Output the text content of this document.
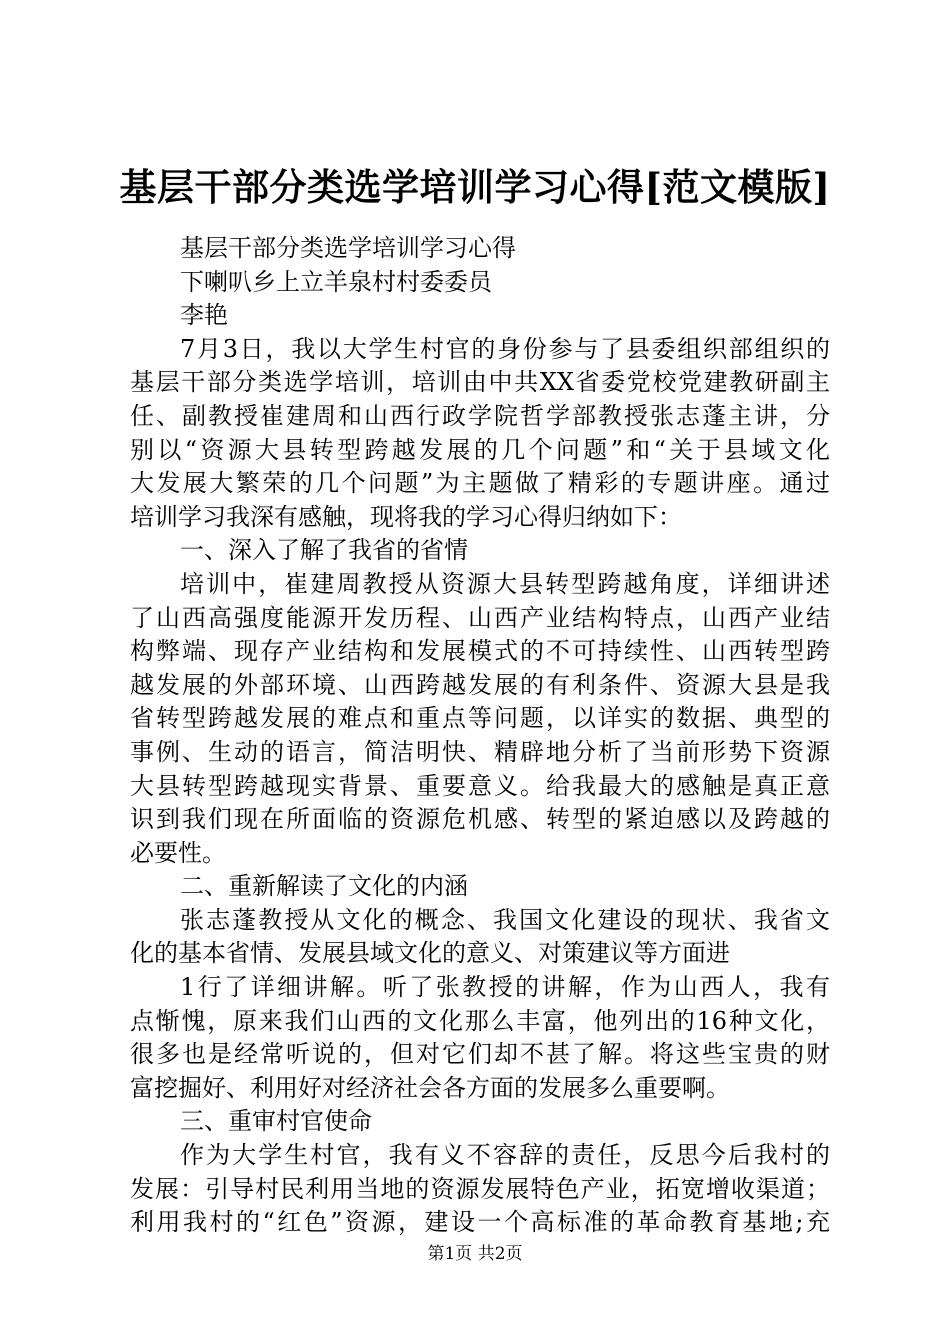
基层干部分类选学培训学习心得[范文模版]
基层干部分类选学培训学习心得
下喇叭乡上立羊泉村村委委员
李艳
7月3日，我以大学生村官的身份参与了县委组织部组织的
基层干部分类选学培训，培训由中共XX省委党校党建教研副主
任、副教授崔建周和山西行政学院哲学部教授张志蓬主讲，分
别以“资源大县转型跨越发展的几个问题”和“关于县域文化
大发展大繁荣的几个问题”为主题做了精彩的专题讲座。通过
培训学习我深有感触，现将我的学习心得归纳如下：
一、深入了解了我省的省情
培训中，崔建周教授从资源大县转型跨越角度，详细讲述
了山西高强度能源开发历程、山西产业结构特点，山西产业结
构弊端、现存产业结构和发展模式的不可持续性、山西转型跨
越发展的外部环境、山西跨越发展的有利条件、资源大县是我
省转型跨越发展的难点和重点等问题，以详实的数据、典型的
事例、生动的语言，简洁明快、精辟地分析了当前形势下资源
大县转型跨越现实背景、重要意义。给我最大的感触是真正意
识到我们现在所面临的资源危机感、转型的紧迫感以及跨越的
必要性。
二、重新解读了文化的内涵
张志蓬教授从文化的概念、我国文化建设的现状、我省文
化的基本省情、发展县域文化的意义、对策建议等方面进
1行了详细讲解。听了张教授的讲解，作为山西人，我有
点惭愧，原来我们山西的文化那么丰富，他列出的16种文化，
很多也是经常听说的，但对它们却不甚了解。将这些宝贵的财
富挖掘好、利用好对经济社会各方面的发展多么重要啊。
三、重审村官使命
作为大学生村官，我有义不容辞的责任，反思今后我村的
发展：引导村民利用当地的资源发展特色产业，拓宽增收渠道；
利用我村的“红色”资源，建设一个高标准的革命教育基地;充
第1页 共2页
